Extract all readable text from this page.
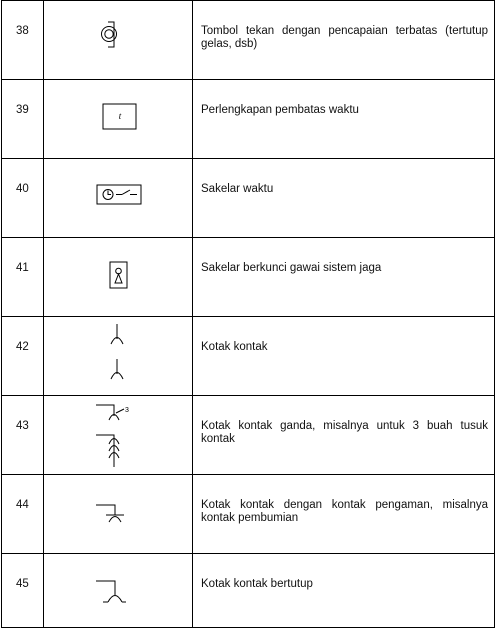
38		Tombol tekan dengan pencapaian terbatas (tertutup gelas, dsb)

39	t	Perlengkapan pembatas waktu

40		Sakelar waktu

41		Sakelar berkunci gawai sistem jaga

42		Kotak kontak

43	3	Kotak kontak ganda, misalnya untuk 3 buah tusuk kontak

44		Kotak kontak dengan kontak pengaman, misalnya kontak pembumian

45		Kotak kontak bertutup
